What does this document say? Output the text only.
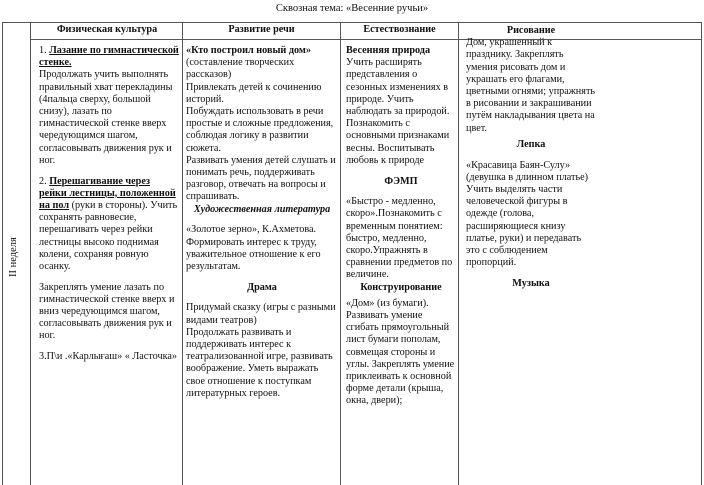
Сквозная тема: «Весенние ручьи»
II неделя
Физическая культура

1. Лазание по гимнастической стенке.

Продолжать учить выполнять правильный хват перекладины (4пальца сверху, большой снизу), лазать по гимнастической стенке вверх чередующимся шагом, согласовывать движения рук и ног.

2. Перешагивание через рейки лестницы, положенной на пол (руки в стороны). Учить сохранять равновесие, перешагивать через рейки лестницы высоко поднимая колени, сохраняя ровную осанку.

Закреплять умение лазать по гимнастической стенке вверх и вниз чередующимся шагом, согласовывать движения рук и ног.

3.П\и .«Карлығаш» « Ласточка»

Развитие речи

«Кто построил новый дом»
(составление творческих рассказов)
Привлекать детей к сочинению историй.
Побуждать использовать в речи простые и сложные предложения, соблюдая логику в развитии сюжета.
Развивать умения детей слушать и понимать речь, поддерживать разговор, отвечать на вопросы и спрашивать.

Художественная литература

«Золотое зерно», К.Ахметова.
Формировать интерес к труду, уважительное отношение к его результатам.

Драма

Придумай сказку (игры с разными видами театров)
Продолжать развивать и поддерживать интерес к театрализованной игре, развивать воображение. Уметь выражать свое отношение к поступкам литературных героев.

Естествознание

Весенняя природа

Учить расширять представления о сезонных изменениях в природе. Учить наблюдать за природой. Познакомить с основными признаками весны. Воспитывать любовь к природе

ФЭМП

«Быстро - медленно, скоро».Познакомить с временным понятием: быстро, медленно, скоро.Упражнять в сравнении предметов по величине.

Конструирование

«Дом» (из бумаги).
Развивать умение сгибать прямоугольный лист бумаги пополам, совмещая стороны и углы. Закреплять умение приклеивать к основной форме детали (крыша, окна, двери);

Рисование

Дом, украшенный к празднику. Закреплять умения рисовать дом и украшать его флагами, цветными огнями; упражнять в рисовании и закрашивании путём накладывания цвета на цвет.

Лепка

«Красавица Баян-Сулу» (девушка в длинном платье)
Учить выделять части человеческой фигуры в одежде (голова, расширяющиеся книзу платье, руки) и передавать это с соблюдением пропорций.

Музыка
